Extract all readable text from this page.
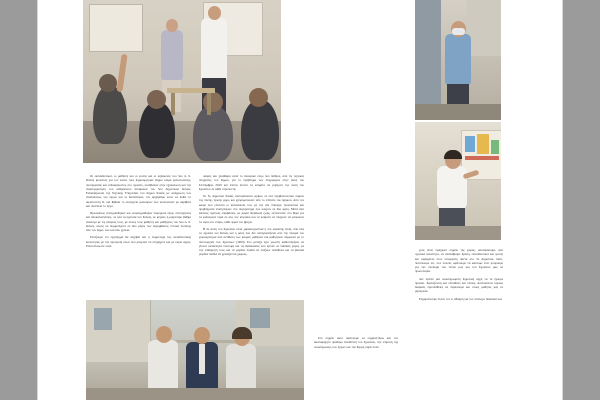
Οι εκπαιδευτικοί, οι μαθητές και οι γονείς και οι κηδεμόνες του 5ου Δ. Σ. Κιλκίς μιλώντας για τον εαυτό τους δημιούργησαν θερμό κλίμα εμπιστοσύνης, συνεργασίας και ενδιαφέροντος στο σχολείο, συνέβαλαν στην εξοικείωση και την ανασυγκρότηση του ανθρώπινου δυναμικού του 5ου Δημοτικού Κιλκίς. Ενδιαφέρουσα της Τεχνικής Υπηρεσίας του Δήμου Κιλκίς με ανάρρωση των αναπλάσεως του έργου και το Κατάλληλα, τον αρχάριθμο ώστε να δοθεί το Αριστοτέλη Χ. και βέβαια το συνεργείο μασούρων που εκτελούσαν με ακρίβεια και συνέπεια το έργο.

Προσφάτως επισημάνθηκαν και ολοκληρώθηκαν παρόμοιοι έργα, συντηρήσεις και αποκαταστάσεις, σε όλα τα σχολεία του Κιλκίς, σε μεγάλο ή μικρότερο βαθμό ανάλογα με τις ανάγκες τους, με όλους τους μαθητές και μαθήτριες του 5ου Δ. Σ. Κιλκίς, όλους να συμμετέχουν σε δύο μέρες των παρεμβάσεις τέτοιας έκτασης από τον δήμο, όλο και δύο χρόνια.

Ελπίζουμε ότι εγχείρημά θα αυξηθεί και η συμμετοχή της εκπαιδευτικής κοινότητας με την προτροπή όλων που μπορούν να στηρίξουν και με λόγια αρχές. Είναι άλλωστε πολύ

σαφείς και ξεκάθαρα αυτά το δυναμικό λόγο που δόθηκε, από τις τεχνικές υπηρεσίες του δήμου, για το πρόβλημα των πλημμυρών στην αυλή του Σεπτέμβριο 2019 και έπειτα έκτοτε τα κλίματα να γεμίζουν την αυλή του Σχολείου σε κάθε νεροποντή.

Το 5ο Δημοτικό Κιλκίς ανεπιφύλακτα ωρίμες σε ένα περιβαλλοντικό σημείο της πόλης, πρώην χώρο και χρησιμοποιούν από το επίπεδο του δρόμου. Από τον καιρό που γίνονται οι κατασκευές του, με την νέα πτέρυγα, προσεκτικό και προβλήματα επιστρέφουν στο συγκρότημα που σώζουν τα δύο μέρη. Μετά από κάποιες σχετικές επιμβάσεις, με μικρά διόρθωση ζωής, εκτελέσταν στο θέμα για τα φαινόμενα νερά σε όλο τον κτιριακό και τα κλίματα να πλήγουν να μειώσουν τα νερά στο κτίριο, κάθε φορά τον βρέχει.

Η δε αυλή του Σχολείου είναι χαρακτηριστικά η πιο ασφαλής λύση, από όλα τα σχολεία του Κιλκίς και η μόνη που δεν ανταγκαλίζεται από την πλευρά του χειροκρότημα από αντίθεση των μικρών μαθητών και μαθητριών σύμφωνα με το Λειτουργίας των Σχολείων (1993). Στο μεταξύ έχει γνωστή καθυστερήσει να γίνουν κατάλληλα υποτομή και τις διαδικασίες που έγιναν σε παιδικές χαρές, με την επιθυμητή τους και τα μεγάλα παιδιά να παίζουν υπεύθυνα και τα βασικά μεγάλα παιδιά να χρειάζονται χώρους.

χους είναι πράγματι σημείο της χώρας, αποσφάλισμα, από σχολικά κοινότητα, να αναλάβουμε δράση, εκπαιδευτικοί και γονείς και κηδεμόνες στον συνεργάτη πάντα στο 5ο Δημοτικό, διότι, πιστεύουμε ότι, συν πολλές οφείλουμε να κάνουμε έτσι μπορούμε για την υποδομή του τόπου μας και του Σχολείου μας σε πρωτοπορία.

Δεν πρέπει μια ολοκληρωμένη δημοτική αρχή να τα έχουμε πρόοδο. Χρειάζονται και επενθύνει και λύσεις. Απαιτούνται κυρίως διαρκείς προσπάθειες να περάσουμε και στους μαθητές μας τα μηνύματα.

Ευχαριστούμε πλέον τον κ. Μακρή για τον σύλλογο διδασκόντων

Στο σημείο αυτό οφείλουμε να ευχαριστήσω και τον ακαταμάχητο πρόθυμο Διευθυντή του Σχολείου, την επιμονή της ολοκλήρωσης των έργων και την θερμή παρά πολύ
